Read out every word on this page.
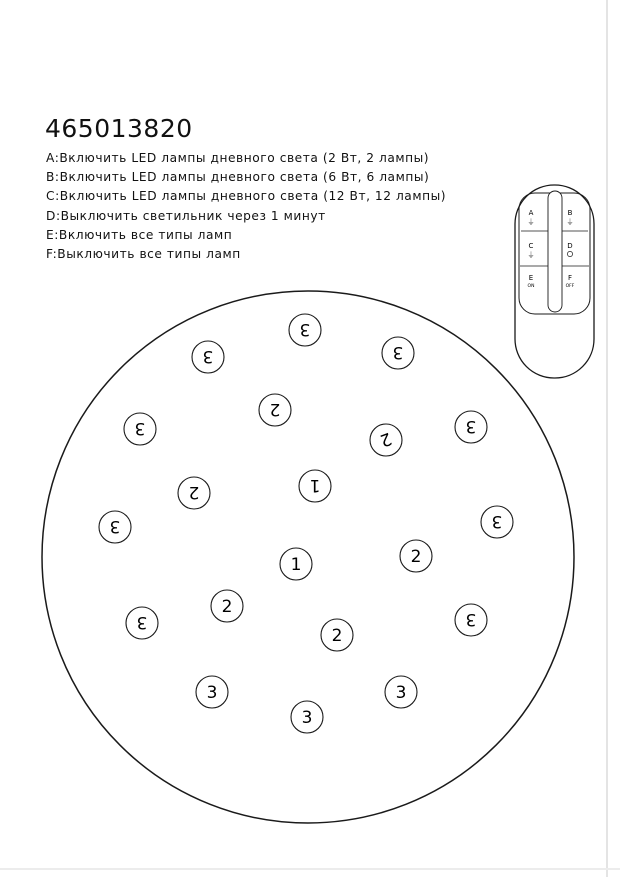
465013820
A:Включить LED лампы дневного света (2 Вт, 2 лампы)
B:Включить LED лампы дневного света (6 Вт, 6 лампы)
C:Включить LED лампы дневного света (12 Вт, 12 лампы)
D:Выключить светильник через 1 минут
E:Включить все типы ламп
F:Выключить все типы ламп
3
3	3
3	3
3	3
3	3
3	3
3
2
2
2
2
2
2
1
1
A
⏚
B
⏚
C
⏚
D
E
ON
F
OFF
